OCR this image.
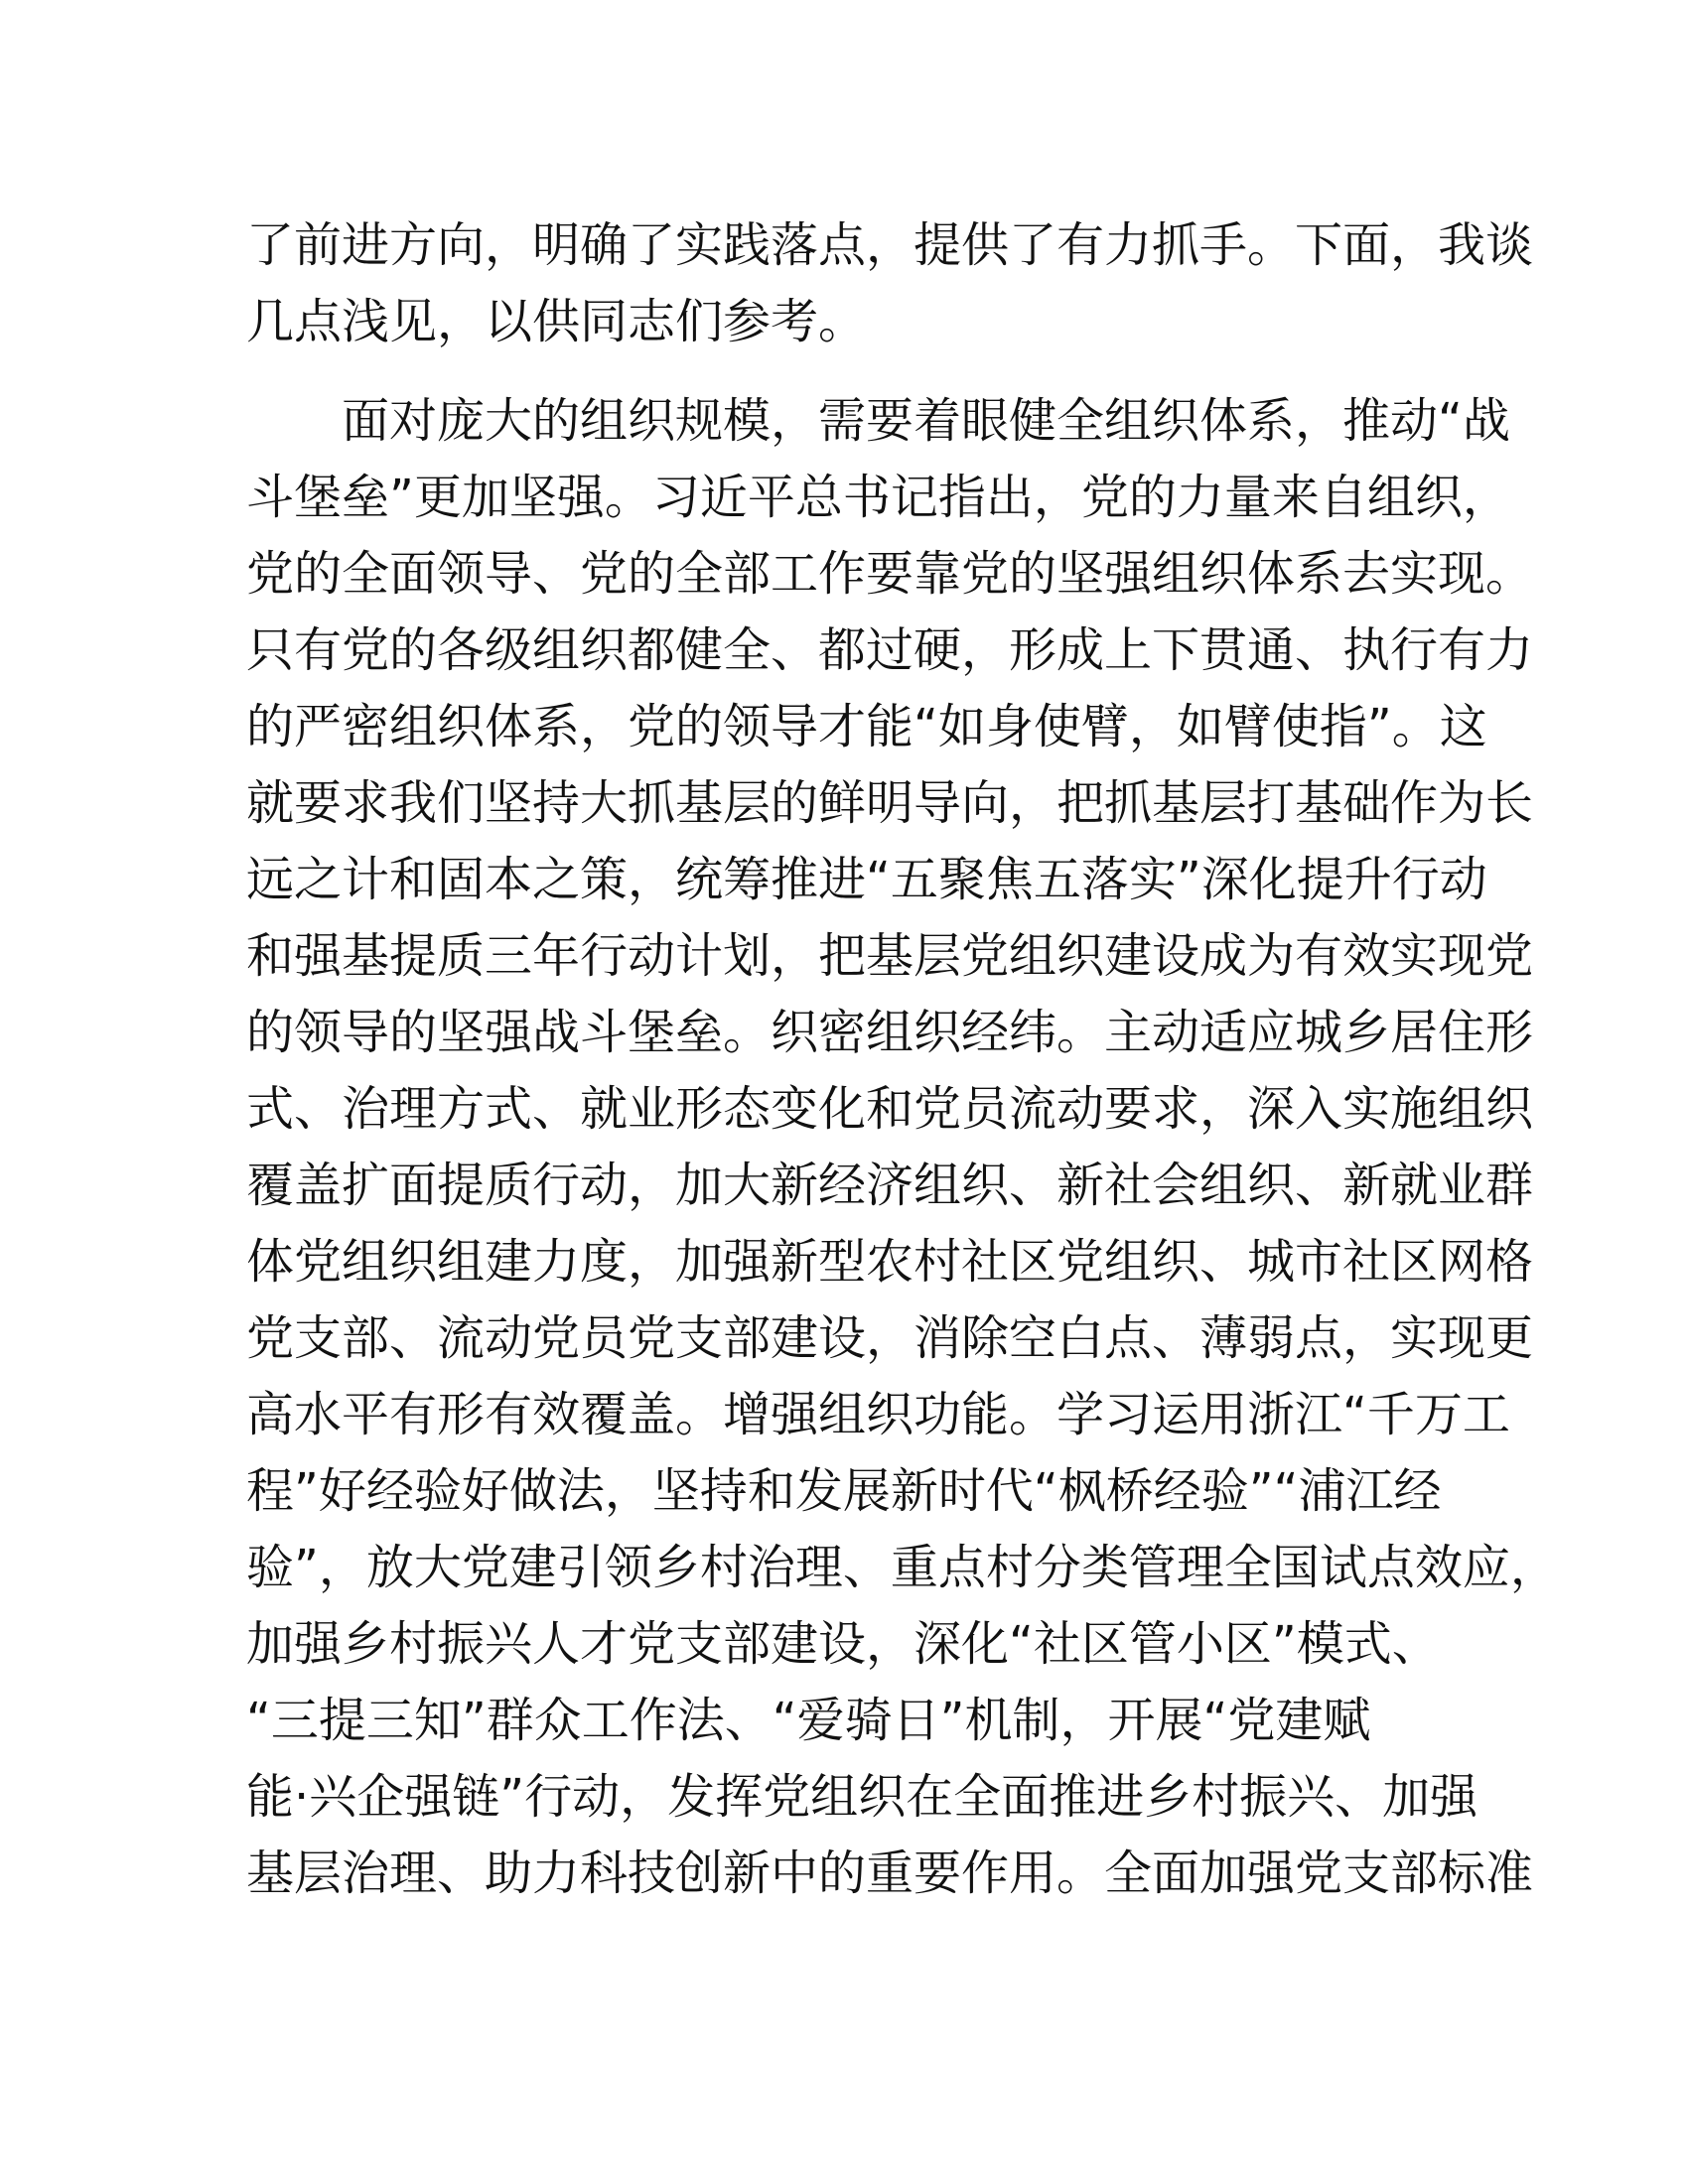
了前进方向，明确了实践落点，提供了有力抓手。下面，我谈
几点浅见，以供同志们参考。
　　面对庞大的组织规模，需要着眼健全组织体系，推动“战
斗堡垒”更加坚强。习近平总书记指出，党的力量来自组织，
党的全面领导、党的全部工作要靠党的坚强组织体系去实现。
只有党的各级组织都健全、都过硬，形成上下贯通、执行有力
的严密组织体系，党的领导才能“如身使臂，如臂使指”。这
就要求我们坚持大抓基层的鲜明导向，把抓基层打基础作为长
远之计和固本之策，统筹推进“五聚焦五落实”深化提升行动
和强基提质三年行动计划，把基层党组织建设成为有效实现党
的领导的坚强战斗堡垒。织密组织经纬。主动适应城乡居住形
式、治理方式、就业形态变化和党员流动要求，深入实施组织
覆盖扩面提质行动，加大新经济组织、新社会组织、新就业群
体党组织组建力度，加强新型农村社区党组织、城市社区网格
党支部、流动党员党支部建设，消除空白点、薄弱点，实现更
高水平有形有效覆盖。增强组织功能。学习运用浙江“千万工
程”好经验好做法，坚持和发展新时代“枫桥经验”“浦江经
验”，放大党建引领乡村治理、重点村分类管理全国试点效应，
加强乡村振兴人才党支部建设，深化“社区管小区”模式、
“三提三知”群众工作法、“爱骑日”机制，开展“党建赋
能·兴企强链”行动，发挥党组织在全面推进乡村振兴、加强
基层治理、助力科技创新中的重要作用。全面加强党支部标准
